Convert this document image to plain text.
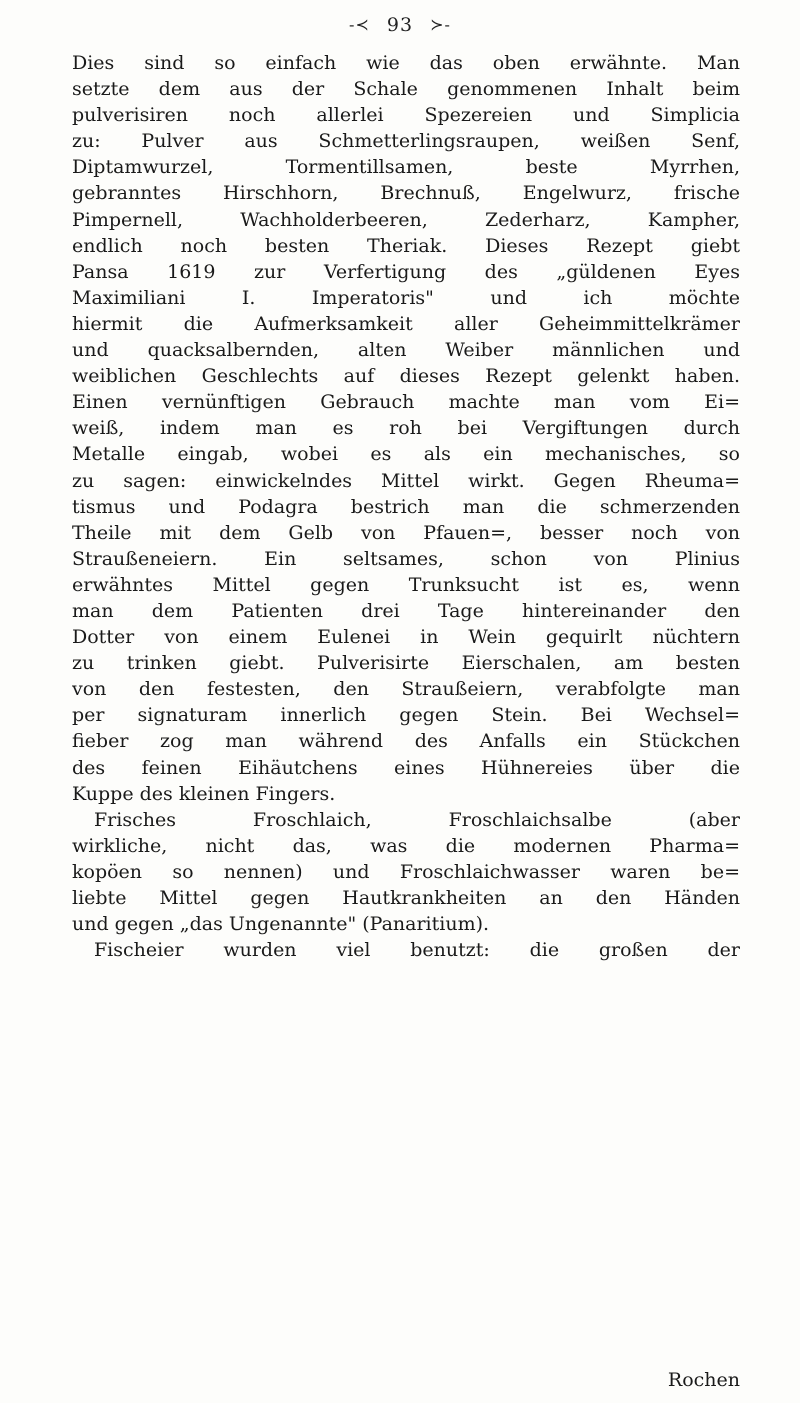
-≺ 93 ≻-
Dies sind so einfach wie das oben erwähnte. Man
setzte dem aus der Schale genommenen Inhalt beim
pulverisiren noch allerlei Spezereien und Simplicia
zu: Pulver aus Schmetterlingsraupen, weißen Senf,
Diptamwurzel, Tormentillsamen, beste Myrrhen,
gebranntes Hirschhorn, Brechnuß, Engelwurz, frische
Pimpernell, Wachholderbeeren, Zederharz, Kampher,
endlich noch besten Theriak. Dieses Rezept giebt
Pansa 1619 zur Verfertigung des „güldenen Eyes
Maximiliani I. Imperatoris" und ich möchte
hiermit die Aufmerksamkeit aller Geheimmittelkrämer
und quacksalbernden, alten Weiber männlichen und
weiblichen Geschlechts auf dieses Rezept gelenkt haben.
Einen vernünftigen Gebrauch machte man vom Ei=
weiß, indem man es roh bei Vergiftungen durch
Metalle eingab, wobei es als ein mechanisches, so
zu sagen: einwickelndes Mittel wirkt. Gegen Rheuma=
tismus und Podagra bestrich man die schmerzenden
Theile mit dem Gelb von Pfauen=, besser noch von
Straußeneiern. Ein seltsames, schon von Plinius
erwähntes Mittel gegen Trunksucht ist es, wenn
man dem Patienten drei Tage hintereinander den
Dotter von einem Eulenei in Wein gequirlt nüchtern
zu trinken giebt. Pulverisirte Eierschalen, am besten
von den festesten, den Straußeiern, verabfolgte man
per signaturam innerlich gegen Stein. Bei Wechsel=
fieber zog man während des Anfalls ein Stückchen
des feinen Eihäutchens eines Hühnereies über die
Kuppe des kleinen Fingers.
Frisches Froschlaich, Froschlaichsalbe (aber
wirkliche, nicht das, was die modernen Pharma=
kopöen so nennen) und Froschlaichwasser waren be=
liebte Mittel gegen Hautkrankheiten an den Händen
und gegen „das Ungenannte" (Panaritium).
Fischeier wurden viel benutzt: die großen der
Rochen
